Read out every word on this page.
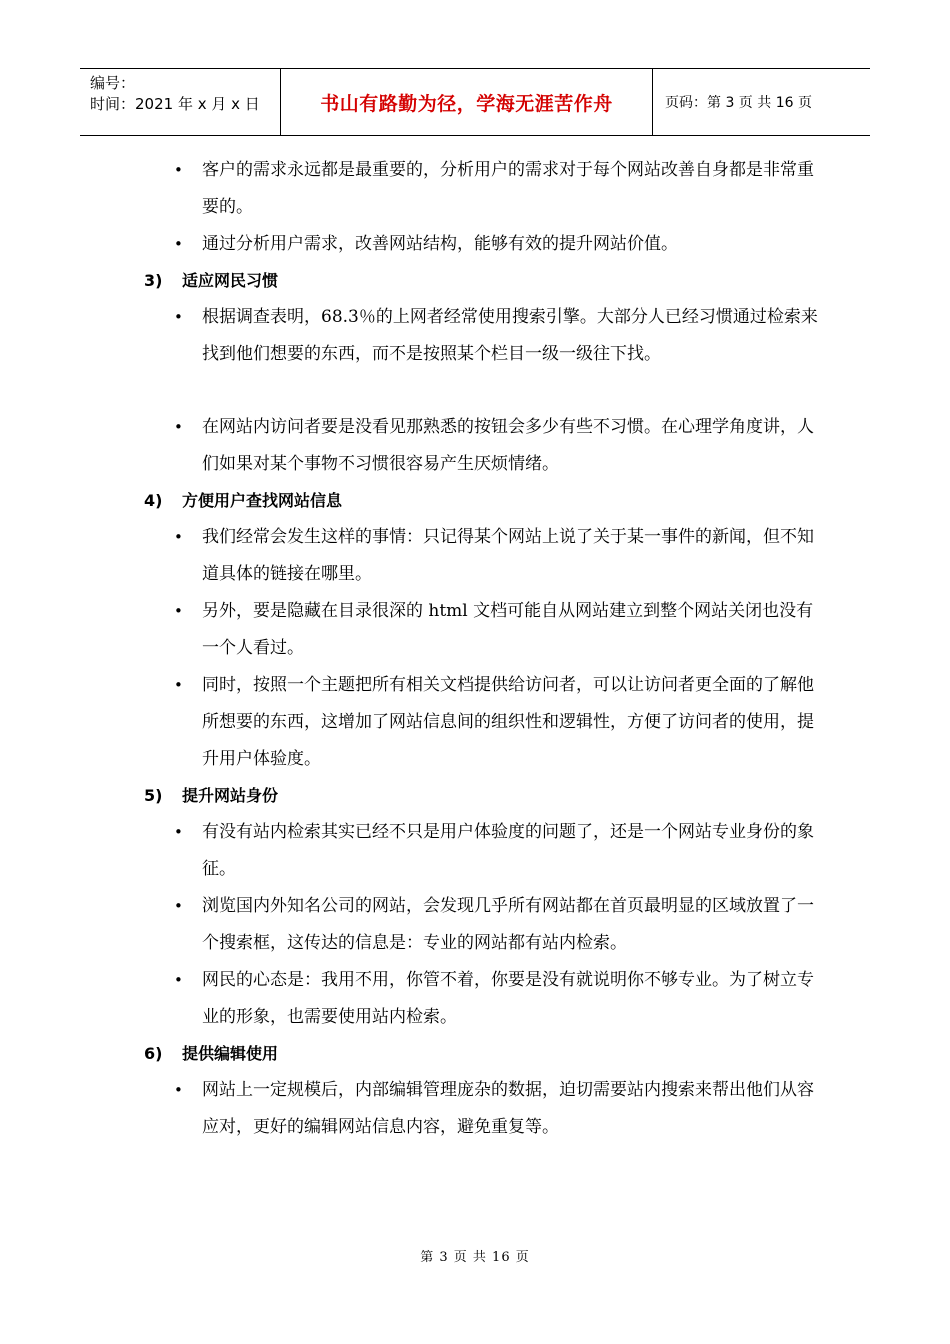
编号：
时间：2021 年 x 月 x 日	书山有路勤为径，学海无涯苦作舟	页码：第 3 页 共 16 页
• 客户的需求永远都是最重要的，分析用户的需求对于每个网站改善自身都是非常重要的。
• 通过分析用户需求，改善网站结构，能够有效的提升网站价值。
3) 适应网民习惯
• 根据调查表明，68.3％的上网者经常使用搜索引擎。大部分人已经习惯通过检索来找到他们想要的东西，而不是按照某个栏目一级一级往下找。
• 在网站内访问者要是没看见那熟悉的按钮会多少有些不习惯。在心理学角度讲，人们如果对某个事物不习惯很容易产生厌烦情绪。
4) 方便用户查找网站信息
• 我们经常会发生这样的事情：只记得某个网站上说了关于某一事件的新闻，但不知道具体的链接在哪里。
• 另外，要是隐藏在目录很深的 html 文档可能自从网站建立到整个网站关闭也没有一个人看过。
• 同时，按照一个主题把所有相关文档提供给访问者，可以让访问者更全面的了解他所想要的东西，这增加了网站信息间的组织性和逻辑性，方便了访问者的使用，提升用户体验度。
5) 提升网站身份
• 有没有站内检索其实已经不只是用户体验度的问题了，还是一个网站专业身份的象征。
• 浏览国内外知名公司的网站，会发现几乎所有网站都在首页最明显的区域放置了一个搜索框，这传达的信息是：专业的网站都有站内检索。
• 网民的心态是：我用不用，你管不着，你要是没有就说明你不够专业。为了树立专业的形象，也需要使用站内检索。
6) 提供编辑使用
• 网站上一定规模后，内部编辑管理庞杂的数据，迫切需要站内搜索来帮出他们从容应对，更好的编辑网站信息内容，避免重复等。
第 3 页 共 16 页
